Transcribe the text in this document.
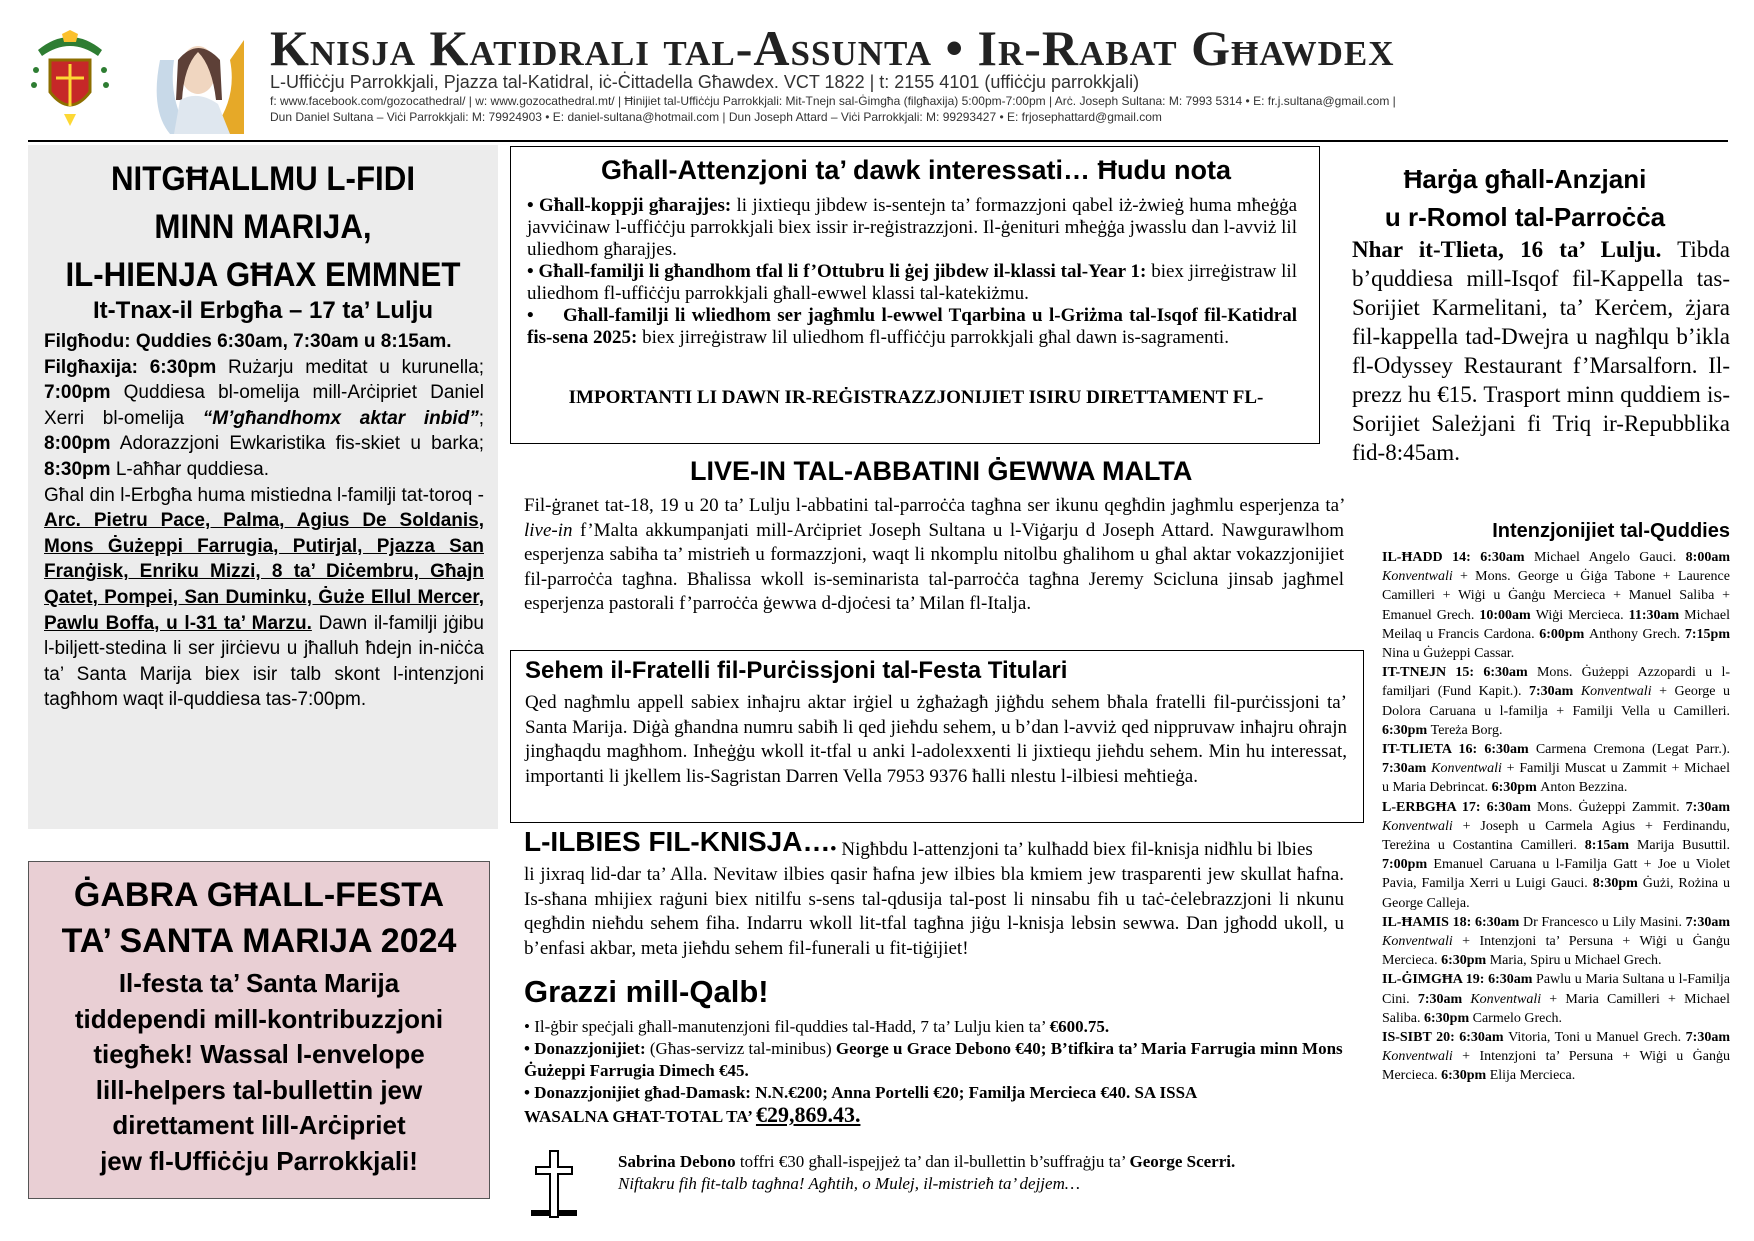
Knisja Katidrali tal-Assunta • Ir-Rabat Għawdex
L-Uffiċċju Parrokkjali, Pjazza tal-Katidral, iċ-Ċittadella Għawdex. VCT 1822 | t: 2155 4101 (uffiċċju parrokkjali)
f: www.facebook.com/gozocathedral/ | w: www.gozocathedral.mt/ | Ħinijiet tal-Uffiċċju Parrokkjali: Mit-Tnejn sal-Ġimgħa (filgħaxija) 5:00pm-7:00pm | Arċ. Joseph Sultana: M: 7993 5314 • E: fr.j.sultana@gmail.com |
Dun Daniel Sultana – Viċi Parrokkjali: M: 79924903 • E: daniel-sultana@hotmail.com | Dun Joseph Attard – Viċi Parrokkjali: M: 99293427 • E: frjosephattard@gmail.com
NITGĦALLMU L-FIDI
MINN MARIJA,
IL-HIENJA GĦAX EMMNET
It-Tnax-il Erbgħa – 17 ta’ Lulju
Filgħodu: Quddies 6:30am, 7:30am u 8:15am.
Filgħaxija: 6:30pm Rużarju meditat u kurunella; 7:00pm Quddiesa bl-omelija mill-Arċipriet Daniel Xerri bl-omelija “M’għandhomx aktar inbid”; 8:00pm Adorazzjoni Ewkaristika fis-skiet u barka; 8:30pm L-aħħar quddiesa.
Għal din l-Erbgħa huma mistiedna l-familji tat-toroq - Arc. Pietru Pace, Palma, Agius De Soldanis, Mons Ġużeppi Farrugia, Putirjal, Pjazza San Franġisk, Enriku Mizzi, 8 ta’ Diċembru, Għajn Qatet, Pompei, San Duminku, Ġuże Ellul Mercer, Pawlu Boffa, u l-31 ta’ Marzu. Dawn il-familji jġibu l-biljett-stedina li ser jirċievu u jħalluh ħdejn in-niċċa ta’ Santa Marija biex isir talb skont l-intenzjoni tagħhom waqt il-quddiesa tas-7:00pm.
ĠABRA GĦALL-FESTA
TA’ SANTA MARIJA 2024
Il-festa ta’ Santa Marija
tiddependi mill-kontribuzzjoni
tiegħek! Wassal l-envelope
lill-helpers tal-bullettin jew
direttament lill-Arċipriet
jew fl-Uffiċċju Parrokkjali!
Għall-Attenzjoni ta’ dawk interessati… Ħudu nota
• Għall-koppji għarajjes: li jixtiequ jibdew is-sentejn ta’ formazzjoni qabel iż-żwieġ huma mħeġġa javviċinaw l-uffiċċju parrokkjali biex issir ir-reġistrazzjoni. Il-ġenituri mħeġġa jwasslu dan l-avviż lil uliedhom għarajjes.
• Għall-familji li għandhom tfal li f’Ottubru li ġej jibdew il-klassi tal-Year 1: biex jirreġistraw lil uliedhom fl-uffiċċju parrokkjali għall-ewwel klassi tal-katekiżmu.
• Għall-familji li wliedhom ser jagħmlu l-ewwel Tqarbina u l-Griżma tal-Isqof fil-Katidral fis-sena 2025: biex jirreġistraw lil uliedhom fl-uffiċċju parrokkjali għal dawn is-sagramenti.
IMPORTANTI LI DAWN IR-REĠISTRAZZJONIJIET ISIRU DIRETTAMENT FL-
LIVE-IN TAL-ABBATINI ĠEWWA MALTA
Fil-ġranet tat-18, 19 u 20 ta’ Lulju l-abbatini tal-parroċċa tagħna ser ikunu qegħdin jagħmlu esperjenza ta’ live-in f’Malta akkumpanjati mill-Arċipriet Joseph Sultana u l-Viġarju d Joseph Attard. Nawgurawlhom esperjenza sabiħa ta’ mistrieħ u formazzjoni, waqt li nkomplu nitolbu għalihom u għal aktar vokazzjonijiet fil-parroċċa tagħna. Bħalissa wkoll is-seminarista tal-parroċċa tagħna Jeremy Scicluna jinsab jagħmel esperjenza pastorali f’parroċċa ġewwa d-djoċesi ta’ Milan fl-Italja.
Sehem il-Fratelli fil-Purċissjoni tal-Festa Titulari
Qed nagħmlu appell sabiex inħajru aktar irġiel u żgħażagħ jiġħdu sehem bħala fratelli fil-purċissjoni ta’ Santa Marija. Diġà għandna numru sabiħ li qed jieħdu sehem, u b’dan l-avviż qed nippruvaw inħajru oħrajn jingħaqdu magħhom. Inħeġġu wkoll it-tfal u anki l-adolexxenti li jixtiequ jieħdu sehem. Min hu interessat, importanti li jkellem lis-Sagristan Darren Vella 7953 9376 ħalli nlestu l-ilbiesi meħtieġa.
L-ILBIES FIL-KNISJA… • Nigħbdu l-attenzjoni ta’ kulħadd biex fil-knisja nidħlu bi lbies
li jixraq lid-dar ta’ Alla. Nevitaw ilbies qasir ħafna jew ilbies bla kmiem jew trasparenti jew skullat ħafna. Is-sħana mhijiex raġuni biex nitilfu s-sens tal-qdusija tal-post li ninsabu fih u taċ-ċelebrazzjoni li nkunu qegħdin nieħdu sehem fiha. Indarru wkoll lit-tfal tagħna jiġu l-knisja lebsin sewwa. Dan jgħodd ukoll, u b’enfasi akbar, meta jieħdu sehem fil-funerali u fit-tiġijiet!
Grazzi mill-Qalb!
• Il-ġbir speċjali għall-manutenzjoni fil-quddies tal-Ħadd, 7 ta’ Lulju kien ta’ €600.75.
• Donazzjonijiet: (Għas-servizz tal-minibus) George u Grace Debono €40; B’tifkira ta’ Maria Farrugia minn Mons Ġużeppi Farrugia Dimech €45.
• Donazzjonijiet għad-Damask: N.N.€200; Anna Portelli €20; Familja Mercieca €40. SA ISSA
WASALNA GĦAT-TOTAL TA’ €29,869.43.
Sabrina Debono toffri €30 għall-ispejjeż ta’ dan il-bullettin b’suffraġju ta’ George Scerri.
Niftakru fih fit-talb tagħna! Agħtih, o Mulej, il-mistrieħ ta’ dejjem…
Ħarġa għall-Anzjani
u r-Romol tal-Parroċċa
Nhar it-Tlieta, 16 ta’ Lulju. Tibda b’quddiesa mill-Isqof fil-Kappella tas-Sorijiet Karmelitani, ta’ Kerċem, żjara fil-kappella tad-Dwejra u nagħlqu b’ikla fl-Odyssey Restaurant f’Marsalforn. Il-prezz hu €15. Trasport minn quddiem is-Sorijiet Sależjani fi Triq ir-Repubblika fid-8:45am.
Intenzjonijiet tal-Quddies

IL-ĦADD 14: 6:30am Michael Angelo Gauci. 8:00am Konventwali + Mons. George u Ġiġa Tabone + Laurence Camilleri + Wiġi u Ġanġu Mercieca + Manuel Saliba + Emanuel Grech. 10:00am Wiġi Mercieca. 11:30am Michael Meilaq u Francis Cardona. 6:00pm Anthony Grech. 7:15pm Nina u Ġużeppi Cassar.

IT-TNEJN 15: 6:30am Mons. Ġużeppi Azzopardi u l-familjari (Fund Kapit.). 7:30am Konventwali + George u Dolora Caruana u l-familja + Familji Vella u Camilleri. 6:30pm Tereża Borg.

IT-TLIETA 16: 6:30am Carmena Cremona (Legat Parr.). 7:30am Konventwali + Familji Muscat u Zammit + Michael u Maria Debrincat. 6:30pm Anton Bezzina.

L-ERBGĦA 17: 6:30am Mons. Ġużeppi Zammit. 7:30am Konventwali + Joseph u Carmela Agius + Ferdinandu, Tereżina u Costantina Camilleri. 8:15am Marija Busuttil. 7:00pm Emanuel Caruana u l-Familja Gatt + Joe u Violet Pavia, Familja Xerri u Luigi Gauci. 8:30pm Ġużi, Rożina u George Calleja.

IL-ĦAMIS 18: 6:30am Dr Francesco u Lily Masini. 7:30am Konventwali + Intenzjoni ta’ Persuna + Wiġi u Ġanġu Mercieca. 6:30pm Maria, Spiru u Michael Grech.

IL-ĠIMGĦA 19: 6:30am Pawlu u Maria Sultana u l-Familja Cini. 7:30am Konventwali + Maria Camilleri + Michael Saliba. 6:30pm Carmelo Grech.

IS-SIBT 20: 6:30am Vitoria, Toni u Manuel Grech. 7:30am Konventwali + Intenzjoni ta’ Persuna + Wiġi u Ġanġu Mercieca. 6:30pm Elija Mercieca.
